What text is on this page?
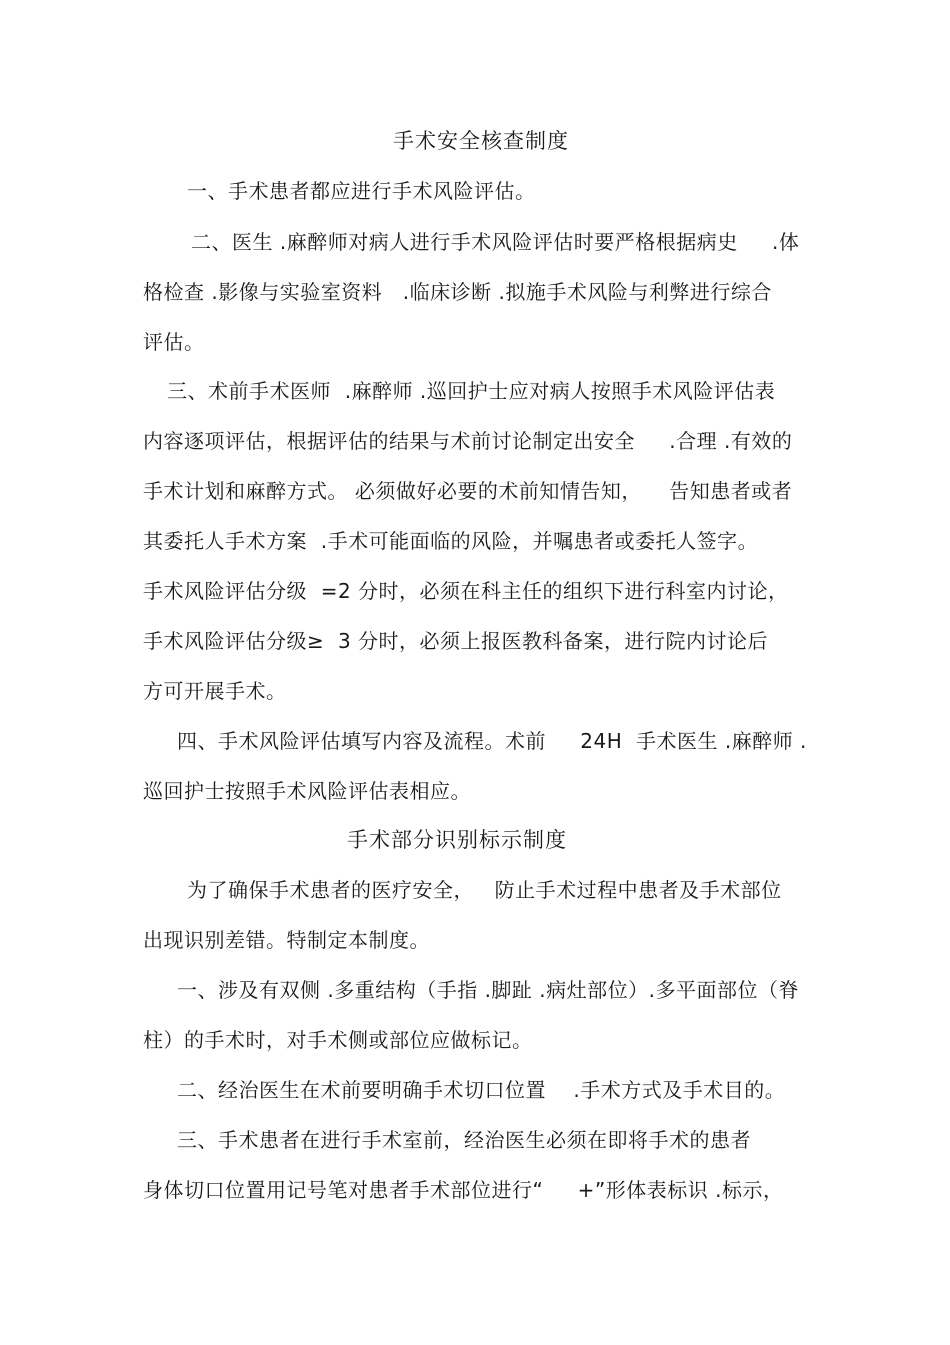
手术安全核查制度
一、手术患者都应进行手术风险评估。
二、医生 .麻醉师对病人进行手术风险评估时要严格根据病史     .体
格检查 .影像与实验室资料   .临床诊断 .拟施手术风险与利弊进行综合
评估。
三、术前手术医师  .麻醉师 .巡回护士应对病人按照手术风险评估表
内容逐项评估，根据评估的结果与术前讨论制定出安全     .合理 .有效的
手术计划和麻醉方式。 必须做好必要的术前知情告知，    告知患者或者
其委托人手术方案  .手术可能面临的风险，并嘱患者或委托人签字。
手术风险评估分级  =2 分时，必须在科主任的组织下进行科室内讨论，
手术风险评估分级≥  3 分时，必须上报医教科备案，进行院内讨论后
方可开展手术。
四、手术风险评估填写内容及流程。术前     24H  手术医生 .麻醉师 .
巡回护士按照手术风险评估表相应。
手术部分识别标示制度
为了确保手术患者的医疗安全，   防止手术过程中患者及手术部位
出现识别差错。特制定本制度。
一、涉及有双侧 .多重结构（手指 .脚趾 .病灶部位）.多平面部位（脊
柱）的手术时，对手术侧或部位应做标记。
二、经治医生在术前要明确手术切口位置    .手术方式及手术目的。
三、手术患者在进行手术室前，经治医生必须在即将手术的患者
身体切口位置用记号笔对患者手术部位进行“     +”形体表标识 .标示，
